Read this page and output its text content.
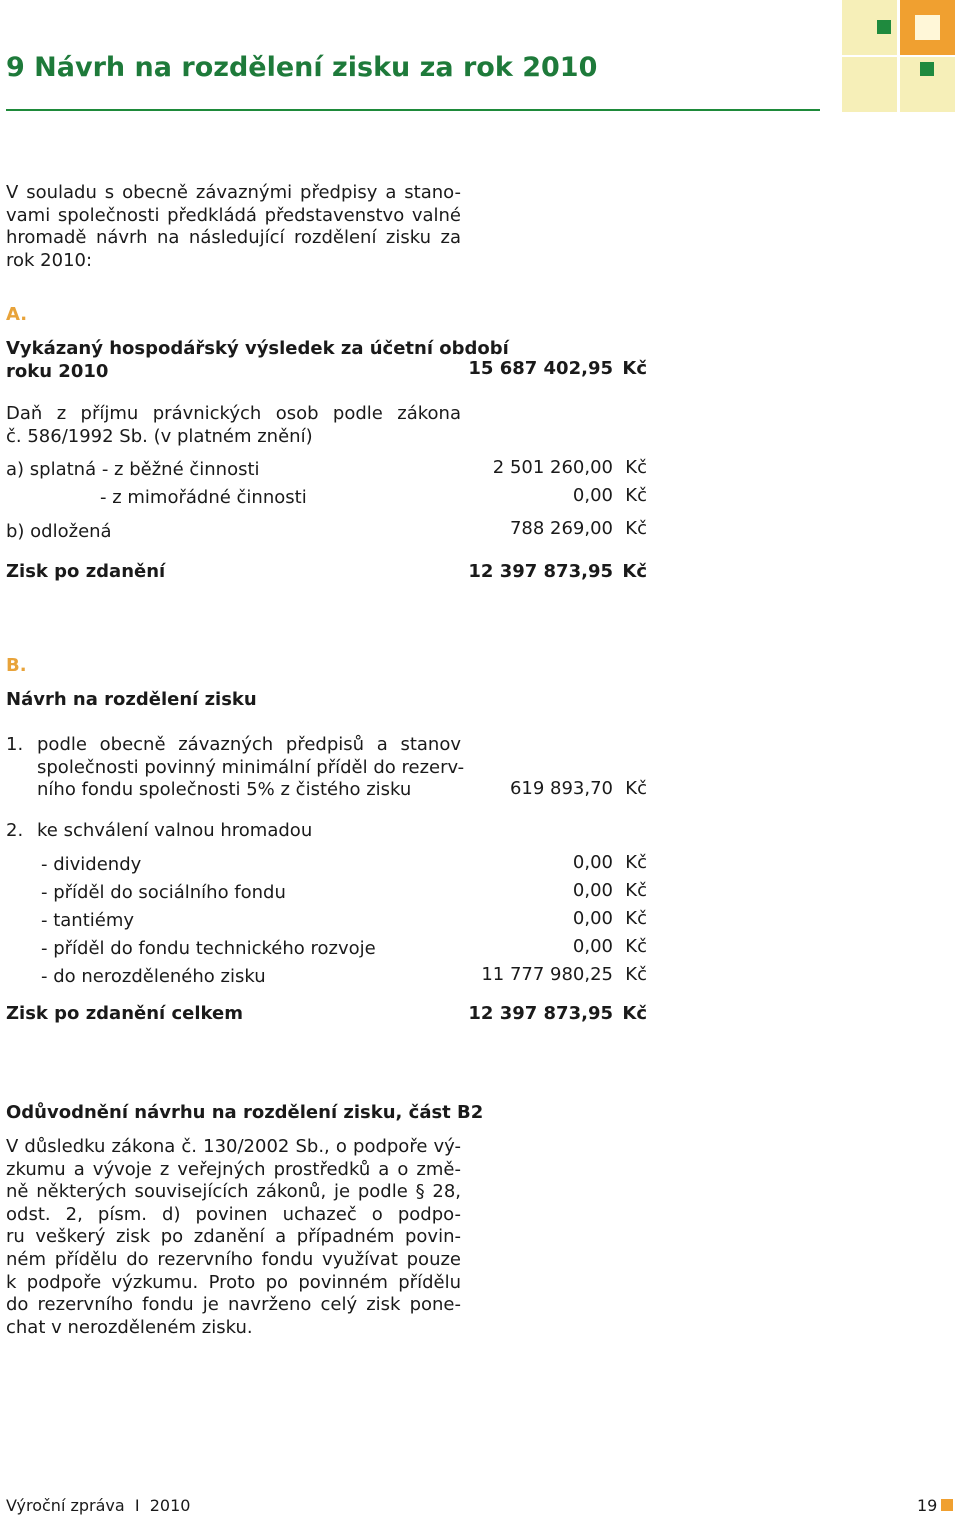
9 Návrh na rozdělení zisku za rok 2010
V souladu s obecně závaznými předpisy a stano-
vami společnosti předkládá představenstvo valné
hromadě návrh na následující rozdělení zisku za
rok 2010:
A.
Vykázaný hospodářský výsledek za účetní období
roku 2010	15 687 402,95 Kč
Daň z příjmu právnických osob podle zákona
č. 586/1992 Sb. (v platném znění)
a) splatná - z běžné činnosti	2 501 260,00 Kč
- z mimořádné činnosti	0,00 Kč
b) odložená	788 269,00 Kč
Zisk po zdanění	12 397 873,95 Kč
B.
Návrh na rozdělení zisku
1. podle obecně závazných předpisů a stanov
společnosti povinný minimální příděl do rezerv-
ního fondu společnosti 5% z čistého zisku	619 893,70 Kč
2. ke schválení valnou hromadou
- dividendy	0,00 Kč
- příděl do sociálního fondu	0,00 Kč
- tantiémy	0,00 Kč
- příděl do fondu technického rozvoje	0,00 Kč
- do nerozděleného zisku	11 777 980,25 Kč
Zisk po zdanění celkem	12 397 873,95 Kč
Odůvodnění návrhu na rozdělení zisku, část B2
V důsledku zákona č. 130/2002 Sb., o podpoře vý-
zkumu a vývoje z veřejných prostředků a o změ-
ně některých souvisejících zákonů, je podle § 28,
odst. 2, písm. d) povinen uchazeč o podpo-
ru veškerý zisk po zdanění a případném povin-
ném přídělu do rezervního fondu využívat pouze
k podpoře výzkumu. Proto po povinném přídělu
do rezervního fondu je navrženo celý zisk pone-
chat v nerozděleném zisku.
Výroční zpráva  I  2010	19
